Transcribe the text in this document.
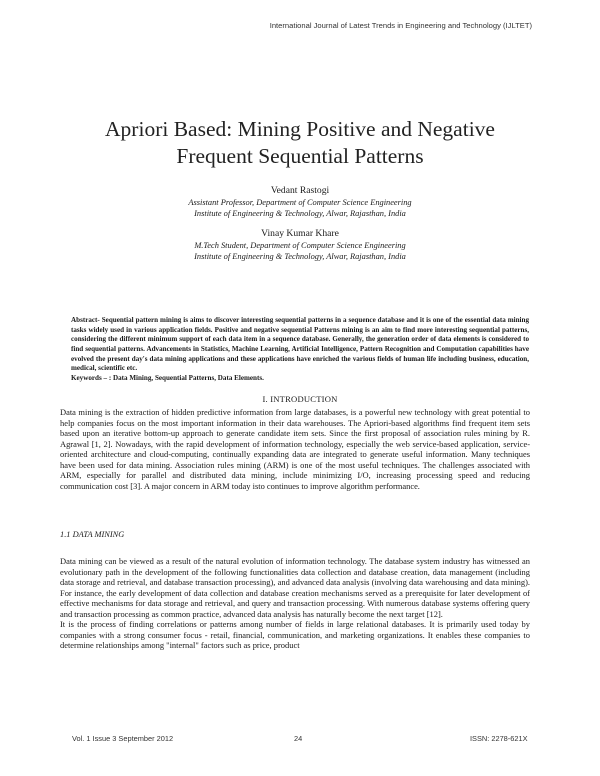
International Journal of Latest Trends in Engineering and Technology (IJLTET)
Apriori Based: Mining Positive and Negative
Frequent Sequential Patterns
Vedant Rastogi
Assistant Professor, Department of Computer Science Engineering
Institute of Engineering & Technology, Alwar, Rajasthan, India
Vinay Kumar Khare
M.Tech Student, Department of Computer Science Engineering
Institute of Engineering & Technology, Alwar, Rajasthan, India

Abstract- Sequential pattern mining is aims to discover interesting sequential patterns in a sequence database and it is one of the essential data mining tasks widely used in various application fields. Positive and negative sequential Patterns mining is an aim to find more interesting sequential patterns, considering the different minimum support of each data item in a sequence database. Generally, the generation order of data elements is considered to find sequential patterns. Advancements in Statistics, Machine Learning, Artificial Intelligence, Pattern Recognition and Computation capabilities have evolved the present day's data mining applications and these applications have enriched the various fields of human life including business, education, medical, scientific etc.

Keywords – : Data Mining, Sequential Patterns, Data Elements.

I. INTRODUCTION

Data mining is the extraction of hidden predictive information from large databases, is a powerful new technology with great potential to help companies focus on the most important information in their data warehouses. The Apriori-based algorithms find frequent item sets based upon an iterative bottom-up approach to generate candidate item sets. Since the first proposal of association rules mining by R. Agrawal [1, 2]. Nowadays, with the rapid development of information technology, especially the web service-based application, service-oriented architecture and cloud-computing, continually expanding data are integrated to generate useful information. Many techniques have been used for data mining. Association rules mining (ARM) is one of the most useful techniques. The challenges associated with ARM, especially for parallel and distributed data mining, include minimizing I/O, increasing processing speed and reducing communication cost [3]. A major concern in ARM today isto continues to improve algorithm performance.

1.1 DATA MINING

Data mining can be viewed as a result of the natural evolution of information technology. The database system industry has witnessed an evolutionary path in the development of the following functionalities data collection and database creation, data management (including data storage and retrieval, and database transaction processing), and advanced data analysis (involving data warehousing and data mining). For instance, the early development of data collection and database creation mechanisms served as a prerequisite for later development of effective mechanisms for data storage and retrieval, and query and transaction processing. With numerous database systems offering query and transaction processing as common practice, advanced data analysis has naturally become the next target [12].

It is the process of finding correlations or patterns among number of fields in large relational databases. It is primarily used today by companies with a strong consumer focus - retail, financial, communication, and marketing organizations. It enables these companies to determine relationships among "internal" factors such as price, product

Vol. 1 Issue 3 September 2012	24	ISSN: 2278-621X
